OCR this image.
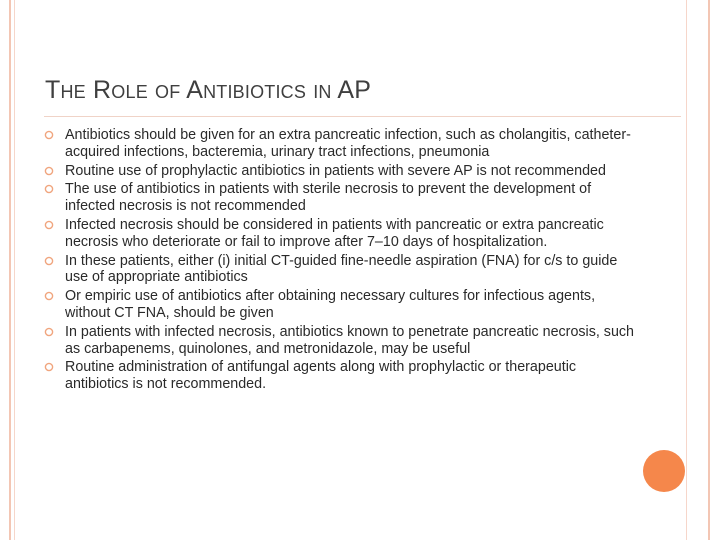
The Role of Antibiotics in AP
Antibiotics should be given for an extra pancreatic infection, such as cholangitis, catheter-acquired infections, bacteremia, urinary tract infections, pneumonia
Routine use of prophylactic antibiotics in patients with severe AP is not recommended
The use of antibiotics in patients with sterile necrosis to prevent the development of infected necrosis is not recommended
Infected necrosis should be considered in patients with pancreatic or extra pancreatic necrosis who deteriorate or fail to improve after 7–10 days of hospitalization.
In these patients, either (i) initial CT-guided fine-needle aspiration (FNA) for c/s to guide use of appropriate antibiotics
Or empiric use of antibiotics after obtaining necessary cultures for infectious agents, without CT FNA, should be given
In patients with infected necrosis, antibiotics known to penetrate pancreatic necrosis, such as carbapenems, quinolones, and metronidazole, may be useful
Routine administration of antifungal agents along with prophylactic or therapeutic antibiotics is not recommended.
